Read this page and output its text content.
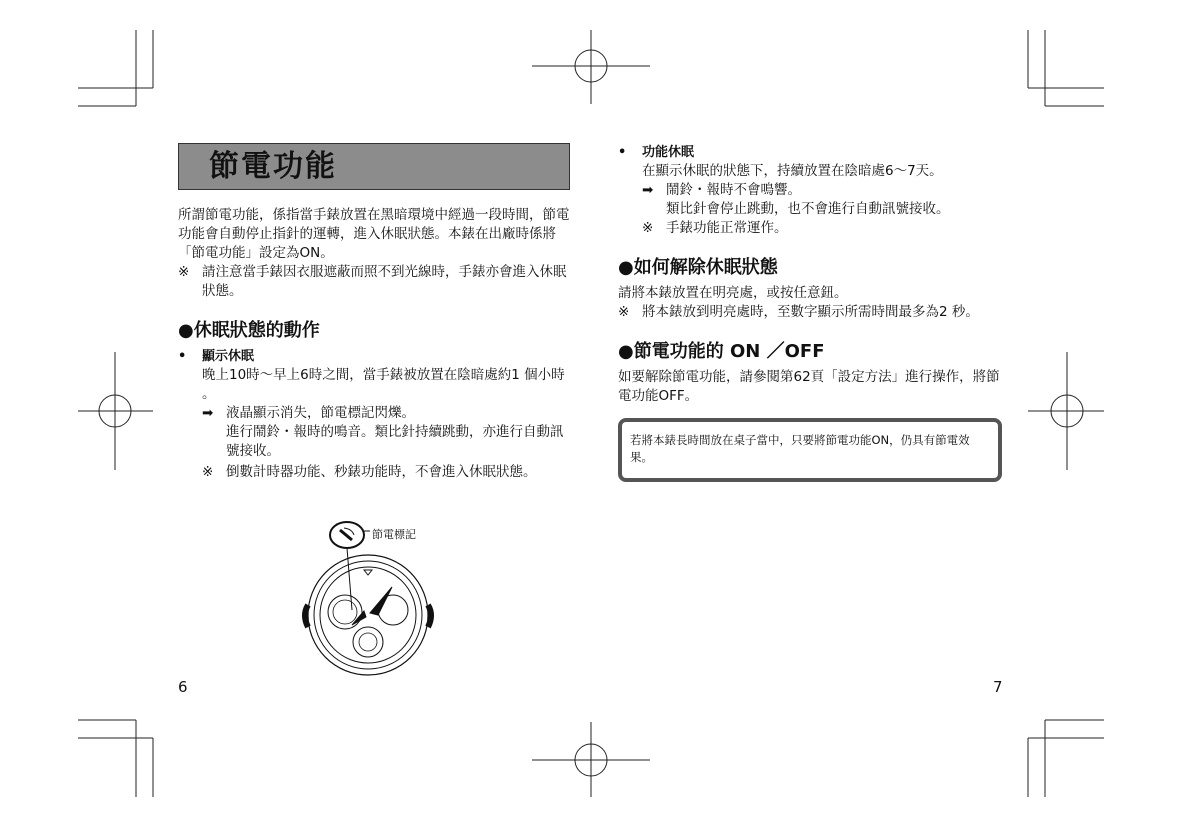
節電功能

所謂節電功能，係指當手錶放置在黑暗環境中經過一段時間，節電功能會自動停止指針的運轉，進入休眠狀態。本錶在出廠時係將「節電功能」設定為ON。

※ 請注意當手錶因衣服遮蔽而照不到光線時，手錶亦會進入休眠狀態。
●休眠狀態的動作
•	顯示休眠

晚上10時～早上6時之間，當手錶被放置在陰暗處約1 個小時 。

➡ 液晶顯示消失，節電標記閃爍。

進行鬧鈴・報時的鳴音。類比針持續跳動，亦進行自動訊號接收。

※ 倒數計時器功能、秒錶功能時，不會進入休眠狀態。
節電標記
6
•	功能休眠

在顯示休眠的狀態下，持續放置在陰暗處6～7天。

➡ 鬧鈴・報時不會鳴響。

類比針會停止跳動，也不會進行自動訊號接收。

※ 手錶功能正常運作。
●如何解除休眠狀態

請將本錶放置在明亮處，或按任意鈕。

※ 將本錶放到明亮處時，至數字顯示所需時間最多為2 秒。
●節電功能的 ON ／OFF

如要解除節電功能，請參閱第62頁「設定方法」進行操作，將節電功能OFF。

若將本錶長時間放在桌子當中，只要將節電功能ON，仍具有節電效果。
7
